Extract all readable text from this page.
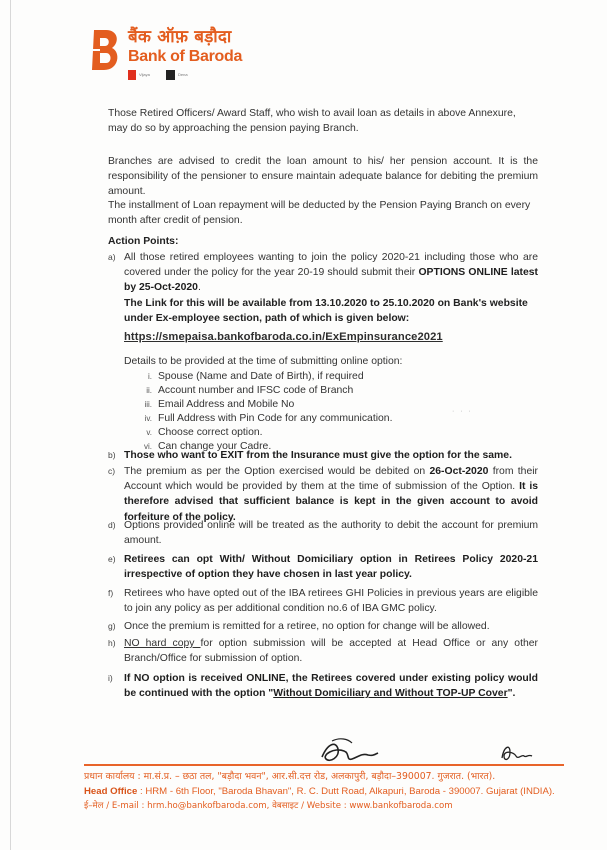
बैंक ऑफ़ बड़ौदा
Bank of Baroda
Vijaya	Dena
Those Retired Officers/ Award Staff, who wish to avail loan as details in above Annexure, may do so by approaching the pension paying Branch.
Branches are advised to credit the loan amount to his/ her pension account. It is the responsibility of the pensioner to ensure maintain adequate balance for debiting the premium amount.
The installment of Loan repayment will be deducted by the Pension Paying Branch on every month after credit of pension.
Action Points:
a) All those retired employees wanting to join the policy 2020-21 including those who are covered under the policy for the year 20-19 should submit their OPTIONS ONLINE latest by 25-Oct-2020.
The Link for this will be available from 13.10.2020 to 25.10.2020 on Bank's website under Ex-employee section, path of which is given below:
https://smepaisa.bankofbaroda.co.in/ExEmpinsurance2021
Details to be provided at the time of submitting online option:
i. Spouse (Name and Date of Birth), if required
ii. Account number and IFSC code of Branch
iii. Email Address and Mobile No
iv. Full Address with Pin Code for any communication.
v. Choose correct option.
vi. Can change your Cadre.
b) Those who want to EXIT from the Insurance must give the option for the same.
c) The premium as per the Option exercised would be debited on 26-Oct-2020 from their Account which would be provided by them at the time of submission of the Option. It is therefore advised that sufficient balance is kept in the given account to avoid forfeiture of the policy.
d) Options provided online will be treated as the authority to debit the account for premium amount.
e) Retirees can opt With/ Without Domiciliary option in Retirees Policy 2020-21 irrespective of option they have chosen in last year policy.
f)	Retirees who have opted out of the IBA retirees GHI Policies in previous years are eligible to join any policy as per additional condition no.6 of IBA GMC policy.
g) Once the premium is remitted for a retiree, no option for change will be allowed.
h) NO hard copy for option submission will be accepted at Head Office or any other Branch/Office for submission of option.
i)	If NO option is received ONLINE, the Retirees covered under existing policy would be continued with the option "Without Domiciliary and Without TOP-UP Cover".
· · ·
प्रधान कार्यालय : मा.सं.प्र. – छठा तल, "बड़ौदा भवन", आर.सी.दत्त रोड, अलकापुरी, बड़ौदा–390007. गुजरात. (भारत).
Head Office : HRM - 6th Floor, "Baroda Bhavan", R. C. Dutt Road, Alkapuri, Baroda - 390007. Gujarat (INDIA).
ई–मेल / E-mail : hrm.ho@bankofbaroda.com, वेबसाइट / Website : www.bankofbaroda.com
